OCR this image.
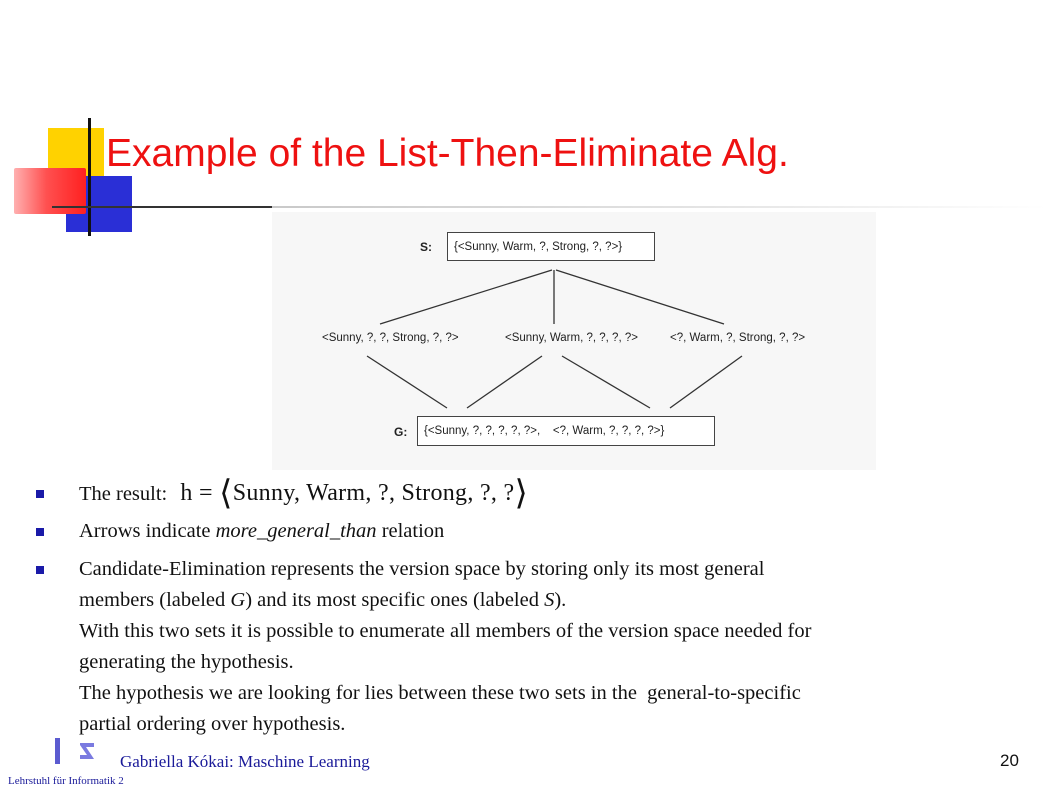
Example of the List-Then-Eliminate Alg.
S:	{<Sunny, Warm, ?, Strong, ?, ?>}
<Sunny, ?, ?, Strong, ?, ?>	<Sunny, Warm, ?, ?, ?, ?>	<?, Warm, ?, Strong, ?, ?>
G:	{<Sunny, ?, ?, ?, ?, ?>,    <?, Warm, ?, ?, ?, ?>}
The result: h = ⟨Sunny, Warm, ?, Strong, ?, ?⟩
Arrows indicate more_general_than relation
Candidate-Elimination represents the version space by storing only its most general
members (labeled G) and its most specific ones (labeled S).
With this two sets it is possible to enumerate all members of the version space needed for
generating the hypothesis.
The hypothesis we are looking for lies between these two sets in the  general-to-specific
partial ordering over hypothesis.

Gabriella Kókai: Maschine Learning	20
Lehrstuhl für Informatik 2
